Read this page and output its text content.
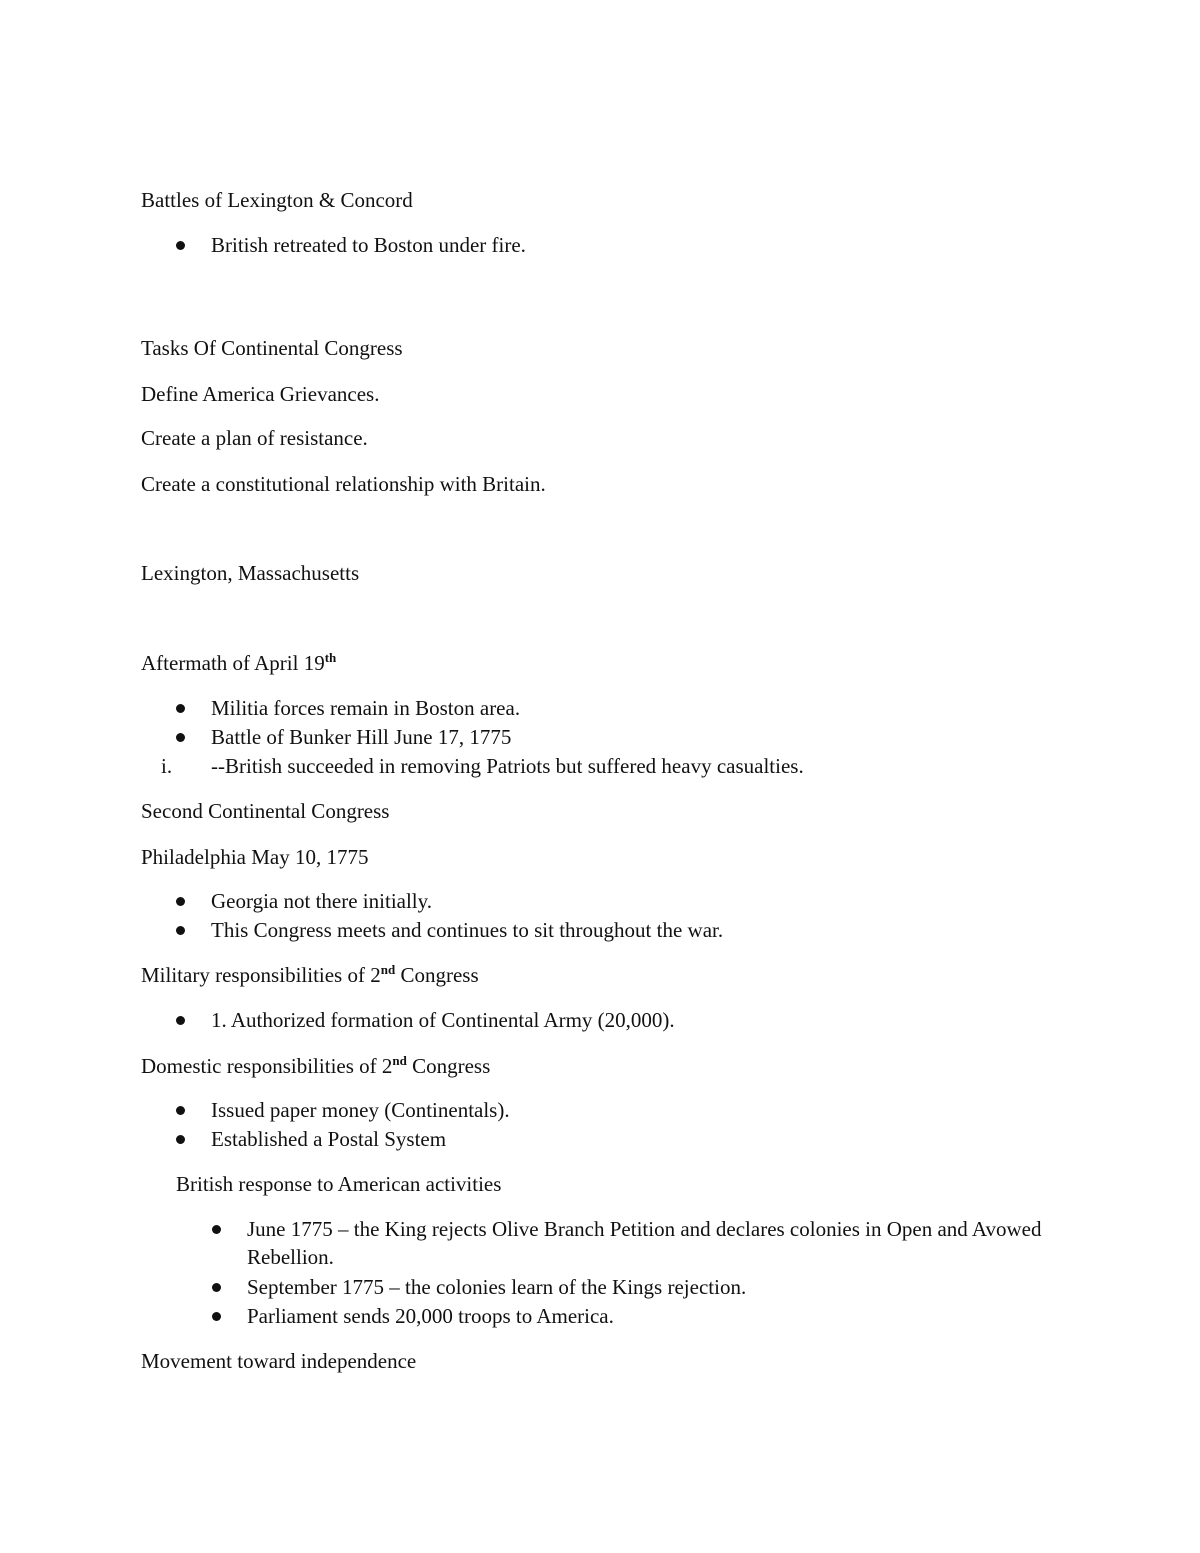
Battles of Lexington & Concord
British retreated to Boston under fire.
Tasks Of Continental Congress
Define America Grievances.
Create a plan of resistance.
Create a constitutional relationship with Britain.
Lexington, Massachusetts
Aftermath of April 19th
Militia forces remain in Boston area.
Battle of Bunker Hill June 17, 1775
i. --British succeeded in removing Patriots but suffered heavy casualties.
Second Continental Congress
Philadelphia May 10, 1775
Georgia not there initially.
This Congress meets and continues to sit throughout the war.
Military responsibilities of 2nd Congress
1. Authorized formation of Continental Army (20,000).
Domestic responsibilities of 2nd Congress
Issued paper money (Continentals).
Established a Postal System
British response to American activities
June 1775 – the King rejects Olive Branch Petition and declares colonies in Open and Avowed Rebellion.
September 1775 – the colonies learn of the Kings rejection.
Parliament sends 20,000 troops to America.
Movement toward independence
